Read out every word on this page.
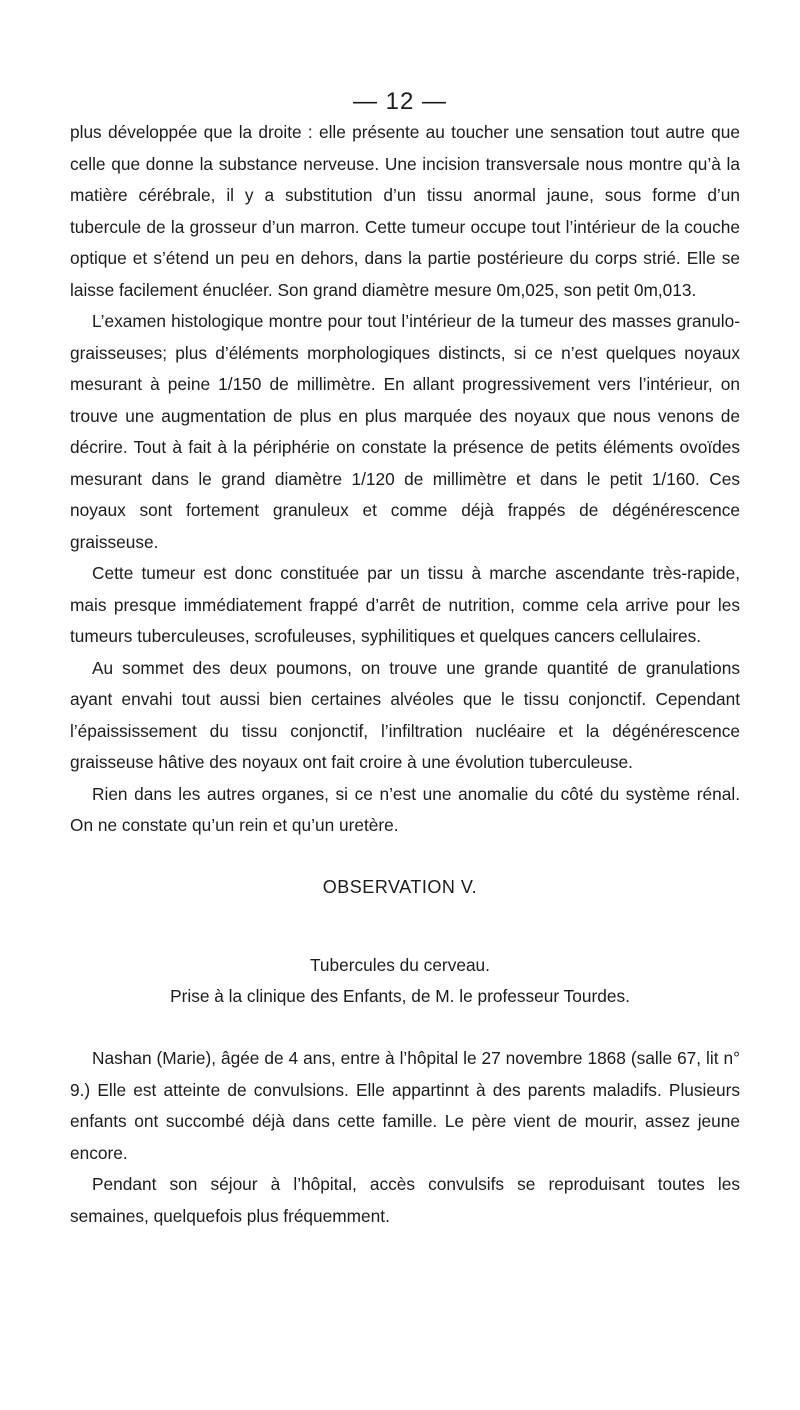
— 12 —

plus développée que la droite : elle présente au toucher une sensation tout autre que celle que donne la substance nerveuse. Une incision transversale nous montre qu’à la matière cérébrale, il y a substitution d’un tissu anormal jaune, sous forme d’un tubercule de la grosseur d’un marron. Cette tumeur occupe tout l’intérieur de la couche optique et s’étend un peu en dehors, dans la partie postérieure du corps strié. Elle se laisse facilement énucléer. Son grand diamètre mesure 0m,025, son petit 0m,013.

L’examen histologique montre pour tout l’intérieur de la tumeur des masses granulo-graisseuses; plus d’éléments morphologiques distincts, si ce n’est quelques noyaux mesurant à peine 1/150 de millimètre. En allant progressivement vers l’intérieur, on trouve une augmentation de plus en plus marquée des noyaux que nous venons de décrire. Tout à fait à la périphérie on constate la présence de petits éléments ovoïdes mesurant dans le grand diamètre 1/120 de millimètre et dans le petit 1/160. Ces noyaux sont fortement granuleux et comme déjà frappés de dégénérescence graisseuse.

Cette tumeur est donc constituée par un tissu à marche ascendante très-rapide, mais presque immédiatement frappé d’arrêt de nutrition, comme cela arrive pour les tumeurs tuberculeuses, scrofuleuses, syphilitiques et quelques cancers cellulaires.

Au sommet des deux poumons, on trouve une grande quantité de granulations ayant envahi tout aussi bien certaines alvéoles que le tissu conjonctif. Cependant l’épaississement du tissu conjonctif, l’infiltration nucléaire et la dégénérescence graisseuse hâtive des noyaux ont fait croire à une évolution tuberculeuse.

Rien dans les autres organes, si ce n’est une anomalie du côté du système rénal. On ne constate qu’un rein et qu’un uretère.

OBSERVATION V.
Tubercules du cerveau.
Prise à la clinique des Enfants, de M. le professeur Tourdes.

Nashan (Marie), âgée de 4 ans, entre à l’hôpital le 27 novembre 1868 (salle 67, lit n° 9.) Elle est atteinte de convulsions. Elle appartinnt à des parents maladifs. Plusieurs enfants ont succombé déjà dans cette famille. Le père vient de mourir, assez jeune encore.

Pendant son séjour à l’hôpital, accès convulsifs se reproduisant toutes les semaines, quelquefois plus fréquemment.
